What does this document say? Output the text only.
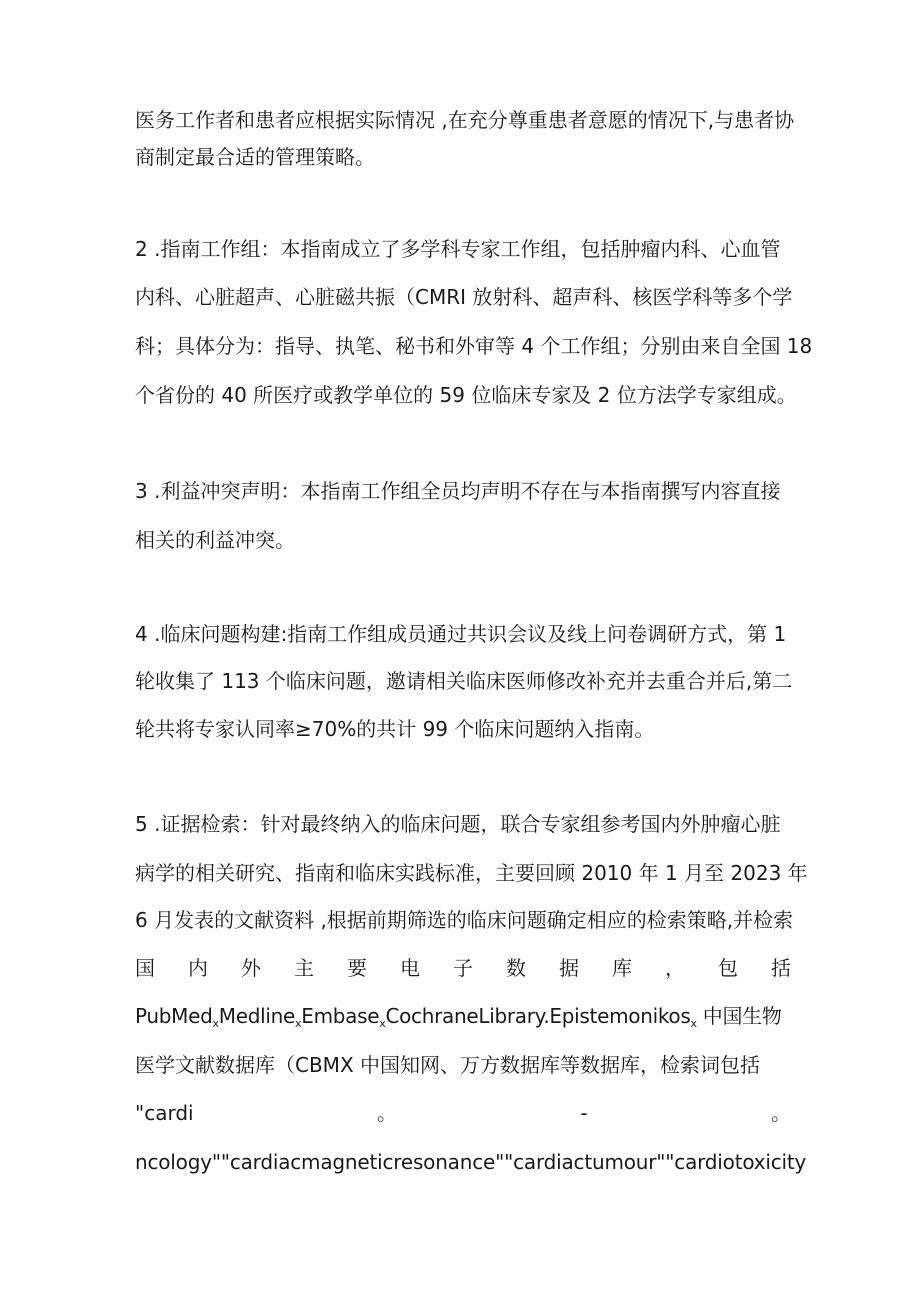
医务工作者和患者应根据实际情况 ,在充分尊重患者意愿的情况下,与患者协
商制定最合适的管理策略。
2 .指南工作组：本指南成立了多学科专家工作组，包括肿瘤内科、心血管
内科、心脏超声、心脏磁共振（CMRI 放射科、超声科、核医学科等多个学
科；具体分为：指导、执笔、秘书和外审等 4 个工作组；分别由来自全国 18
个省份的 40 所医疗或教学单位的 59 位临床专家及 2 位方法学专家组成。
3 .利益冲突声明：本指南工作组全员均声明不存在与本指南撰写内容直接
相关的利益冲突。
4 .临床问题构建:指南工作组成员通过共识会议及线上问卷调研方式，第 1
轮收集了 113 个临床问题，邀请相关临床医师修改补充并去重合并后,第二
轮共将专家认同率≥70%的共计 99 个临床问题纳入指南。
5 .证据检索：针对最终纳入的临床问题，联合专家组参考国内外肿瘤心脏
病学的相关研究、指南和临床实践标准，主要回顾 2010 年 1 月至 2023 年
6 月发表的文献资料 ,根据前期筛选的临床问题确定相应的检索策略,并检索
国 内 外 主 要 电 子 数 据 库 ， 包 括
PubMed$_x$Medline$_x$Embase$_x$CochraneLibrary.Epistemonikos$_x$ 中国生物
医学文献数据库（CBMX 中国知网、万方数据库等数据库，检索词包括
"cardi	。	-	。
ncology""cardiacmagneticresonance""cardiactumour""cardiotoxicity
